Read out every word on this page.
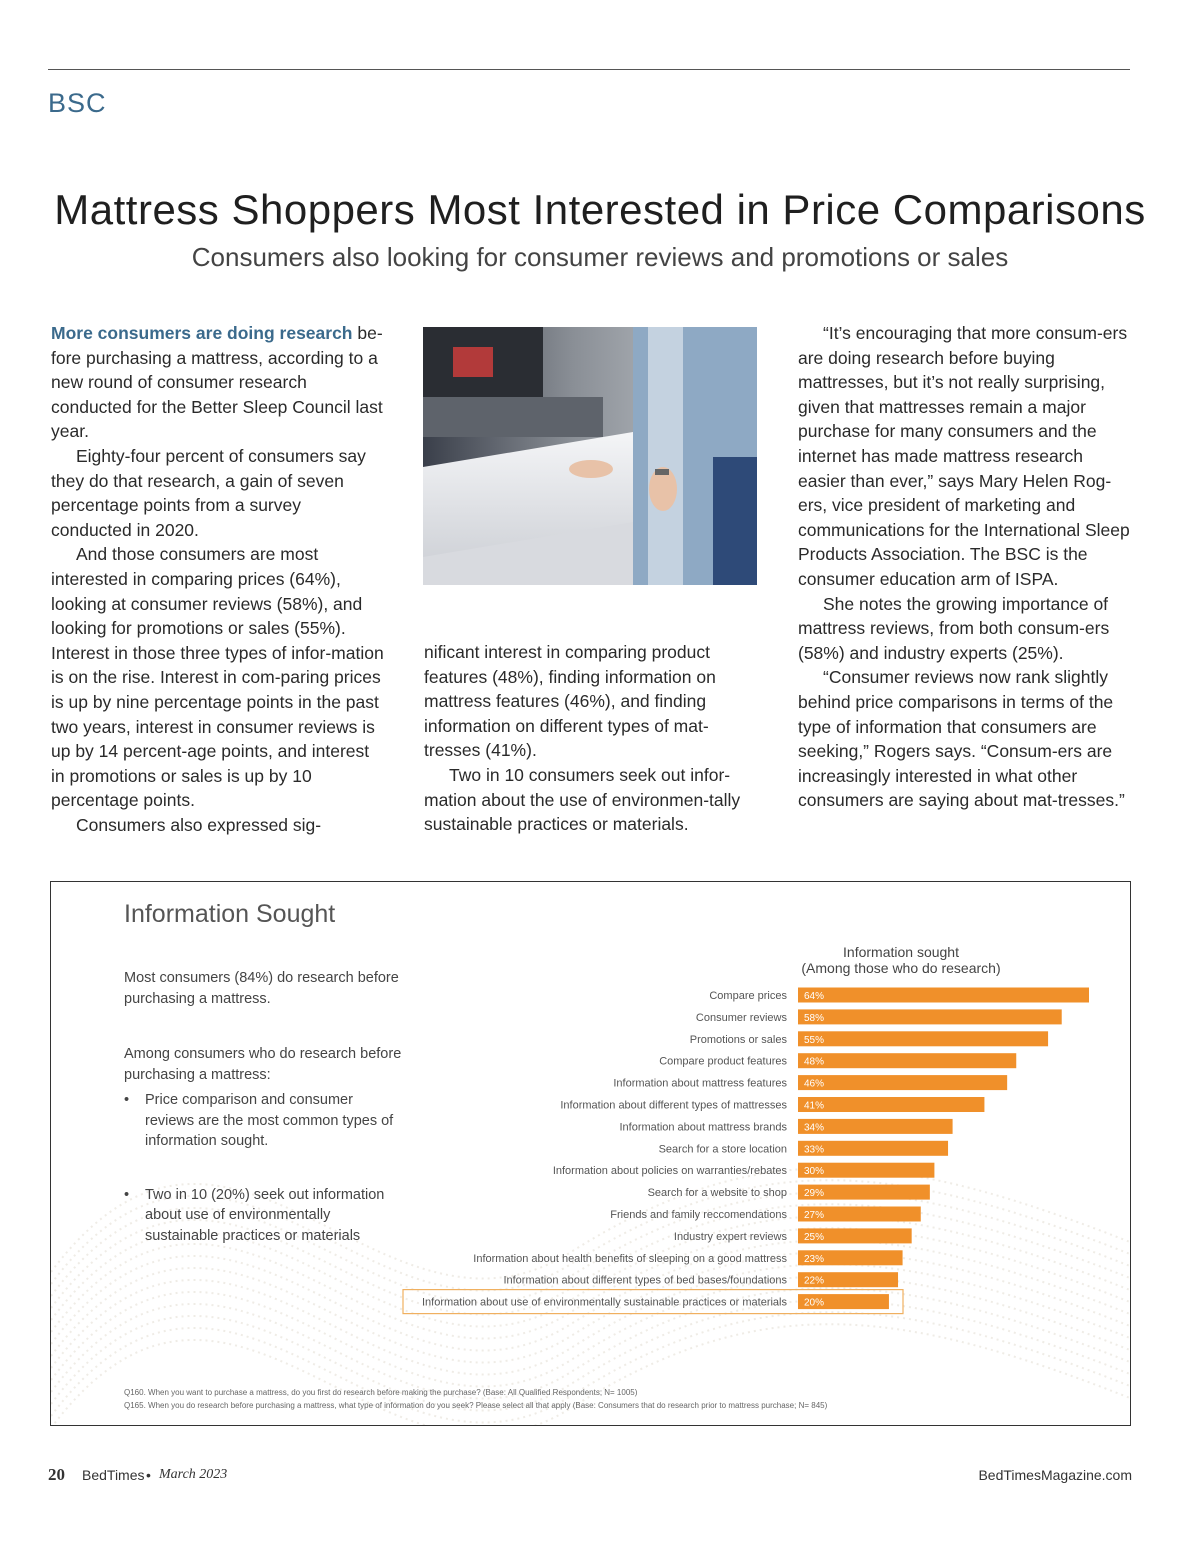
BSC
Mattress Shoppers Most Interested in Price Comparisons
Consumers also looking for consumer reviews and promotions or sales

More consumers are doing research be-fore purchasing a mattress, according to a new round of consumer research conducted for the Better Sleep Council last year.

Eighty-four percent of consumers say they do that research, a gain of seven percentage points from a survey conducted in 2020.

And those consumers are most interested in comparing prices (64%), looking at consumer reviews (58%), and looking for promotions or sales (55%). Interest in those three types of infor-mation is on the rise. Interest in com-paring prices is up by nine percentage points in the past two years, interest in consumer reviews is up by 14 percent-age points, and interest in promotions or sales is up by 10 percentage points.

Consumers also expressed sig-

nificant interest in comparing product features (48%), finding information on mattress features (46%), and finding information on different types of mat-tresses (41%).

Two in 10 consumers seek out infor-mation about the use of environmen-tally sustainable practices or materials.

“It’s encouraging that more consum-ers are doing research before buying mattresses, but it’s not really surprising, given that mattresses remain a major purchase for many consumers and the internet has made mattress research easier than ever,” says Mary Helen Rog-ers, vice president of marketing and communications for the International Sleep Products Association. The BSC is the consumer education arm of ISPA.

She notes the growing importance of mattress reviews, from both consum-ers (58%) and industry experts (25%).

“Consumer reviews now rank slightly behind price comparisons in terms of the type of information that consumers are seeking,” Rogers says. “Consum-ers are increasingly interested in what other consumers are saying about mat-tresses.”

64%
Compare prices
58%
Consumer reviews
55%
Promotions or sales
48%
Compare product features
46%
Information about mattress features
41%
Information about different types of mattresses
34%
Information about mattress brands
33%
Search for a store location
30%
Information about policies on warranties/rebates
29%
Search for a website to shop
27%
Friends and family reccomendations
25%
Industry expert reviews
23%
Information about health benefits of sleeping on a good mattress
22%
Information about different types of bed bases/foundations
20%
Information about use of environmentally sustainable practices or materials
Information Sought
Most consumers (84%) do research before purchasing a mattress.
Among consumers who do research before purchasing a mattress:
• Price comparison and consumer reviews are the most common types of information sought.
• Two in 10 (20%) seek out information about use of environmentally sustainable practices or materials
Information sought
(Among those who do research)
Q160. When you want to purchase a mattress, do you first do research before making the purchase? (Base: All Qualified Respondents; N= 1005)
Q165. When you do research before purchasing a mattress, what type of information do you seek? Please select all that apply (Base: Consumers that do research prior to mattress purchase; N= 845)
20 BedTimes • March 2023	BedTimesMagazine.com
